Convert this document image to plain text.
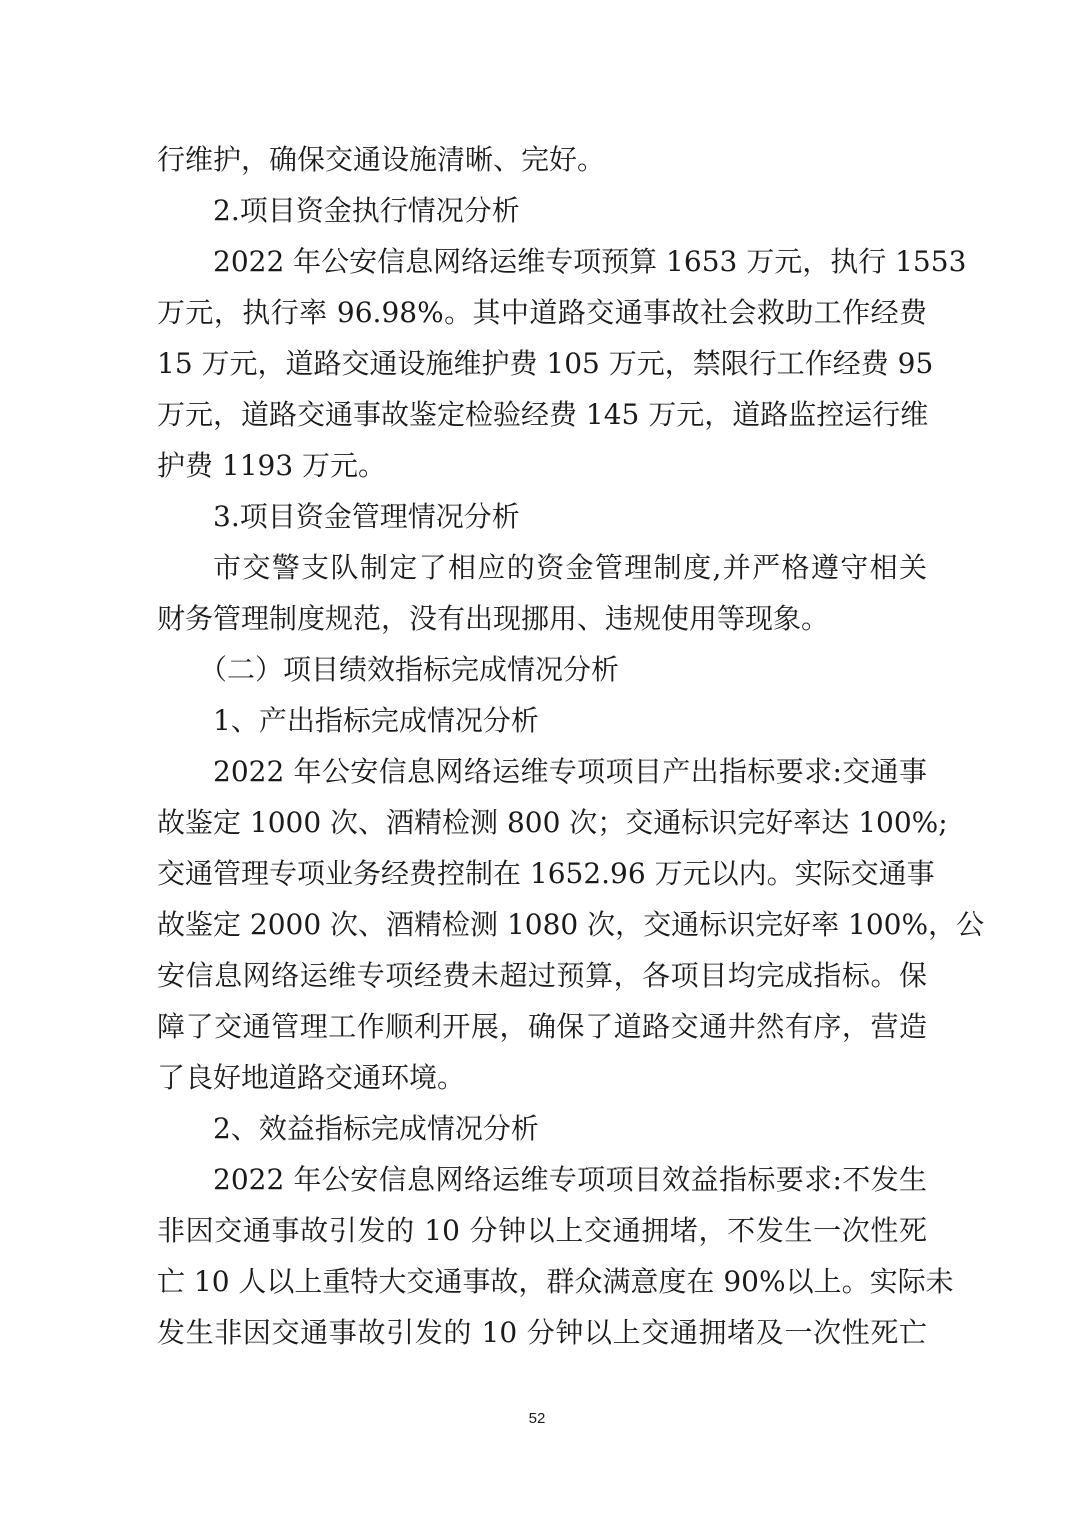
行维护，确保交通设施清晰、完好。
2.项目资金执行情况分析
2022 年公安信息网络运维专项预算 1653 万元，执行 1553
万元，执行率 96.98%。其中道路交通事故社会救助工作经费
15 万元，道路交通设施维护费 105 万元，禁限行工作经费 95
万元，道路交通事故鉴定检验经费 145 万元，道路监控运行维
护费 1193 万元。
3.项目资金管理情况分析
市交警支队制定了相应的资金管理制度,并严格遵守相关
财务管理制度规范，没有出现挪用、违规使用等现象。
（二）项目绩效指标完成情况分析
1、产出指标完成情况分析
2022 年公安信息网络运维专项项目产出指标要求:交通事
故鉴定 1000 次、酒精检测 800 次；交通标识完好率达 100%;
交通管理专项业务经费控制在 1652.96 万元以内。实际交通事
故鉴定 2000 次、酒精检测 1080 次，交通标识完好率 100%，公
安信息网络运维专项经费未超过预算，各项目均完成指标。保
障了交通管理工作顺利开展，确保了道路交通井然有序，营造
了良好地道路交通环境。
2、效益指标完成情况分析
2022 年公安信息网络运维专项项目效益指标要求:不发生
非因交通事故引发的 10 分钟以上交通拥堵，不发生一次性死
亡 10 人以上重特大交通事故，群众满意度在 90%以上。实际未
发生非因交通事故引发的 10 分钟以上交通拥堵及一次性死亡
52
